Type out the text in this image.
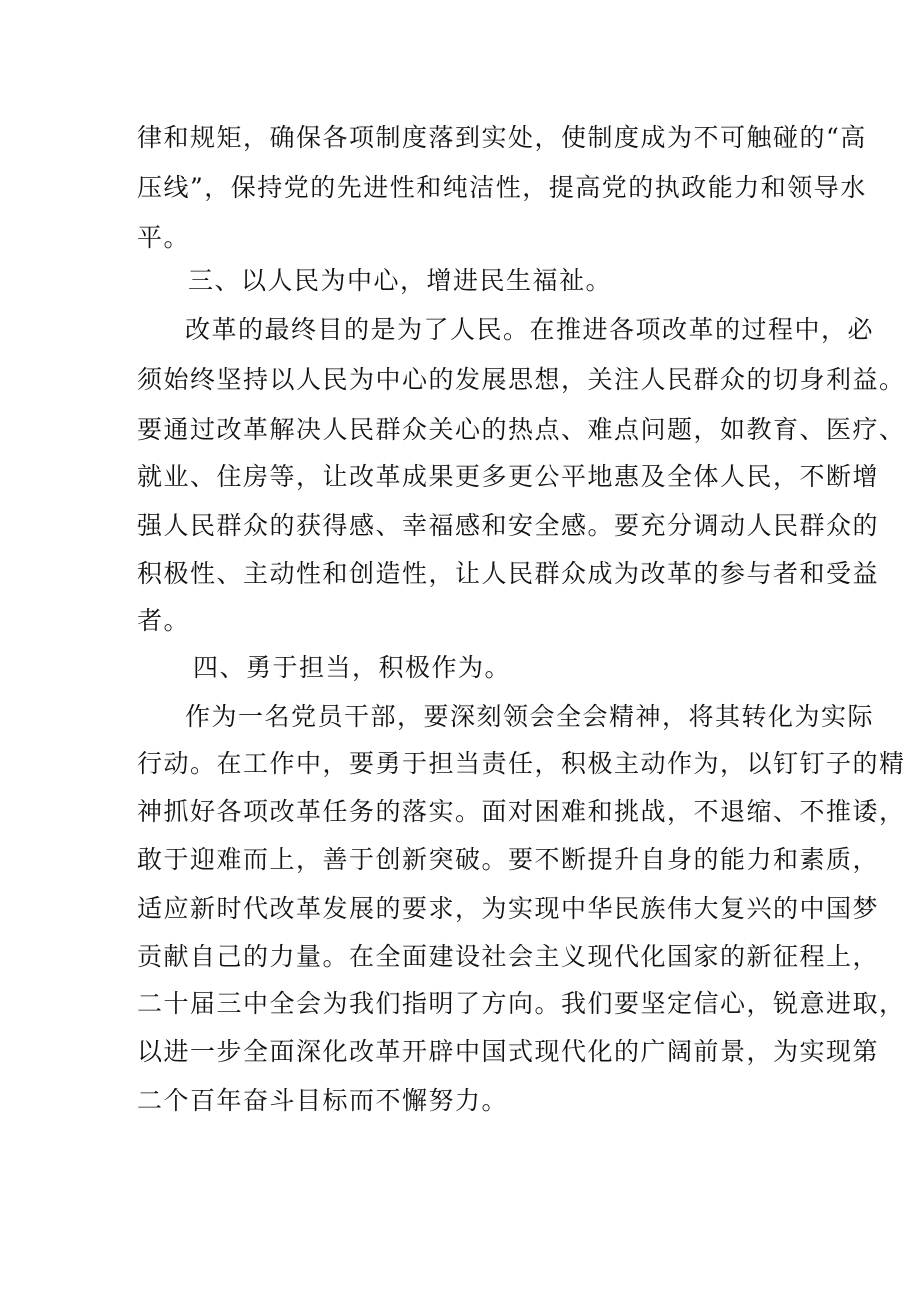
律和规矩，确保各项制度落到实处，使制度成为不可触碰的“高
压线”，保持党的先进性和纯洁性，提高党的执政能力和领导水
平。
三、以人民为中心，增进民生福祉。
改革的最终目的是为了人民。在推进各项改革的过程中，必
须始终坚持以人民为中心的发展思想，关注人民群众的切身利益。
要通过改革解决人民群众关心的热点、难点问题，如教育、医疗、
就业、住房等，让改革成果更多更公平地惠及全体人民，不断增
强人民群众的获得感、幸福感和安全感。要充分调动人民群众的
积极性、主动性和创造性，让人民群众成为改革的参与者和受益
者。
四、勇于担当，积极作为。
作为一名党员干部，要深刻领会全会精神，将其转化为实际
行动。在工作中，要勇于担当责任，积极主动作为，以钉钉子的精
神抓好各项改革任务的落实。面对困难和挑战，不退缩、不推诿，
敢于迎难而上，善于创新突破。要不断提升自身的能力和素质，
适应新时代改革发展的要求，为实现中华民族伟大复兴的中国梦
贡献自己的力量。在全面建设社会主义现代化国家的新征程上，
二十届三中全会为我们指明了方向。我们要坚定信心，锐意进取，
以进一步全面深化改革开辟中国式现代化的广阔前景，为实现第
二个百年奋斗目标而不懈努力。
